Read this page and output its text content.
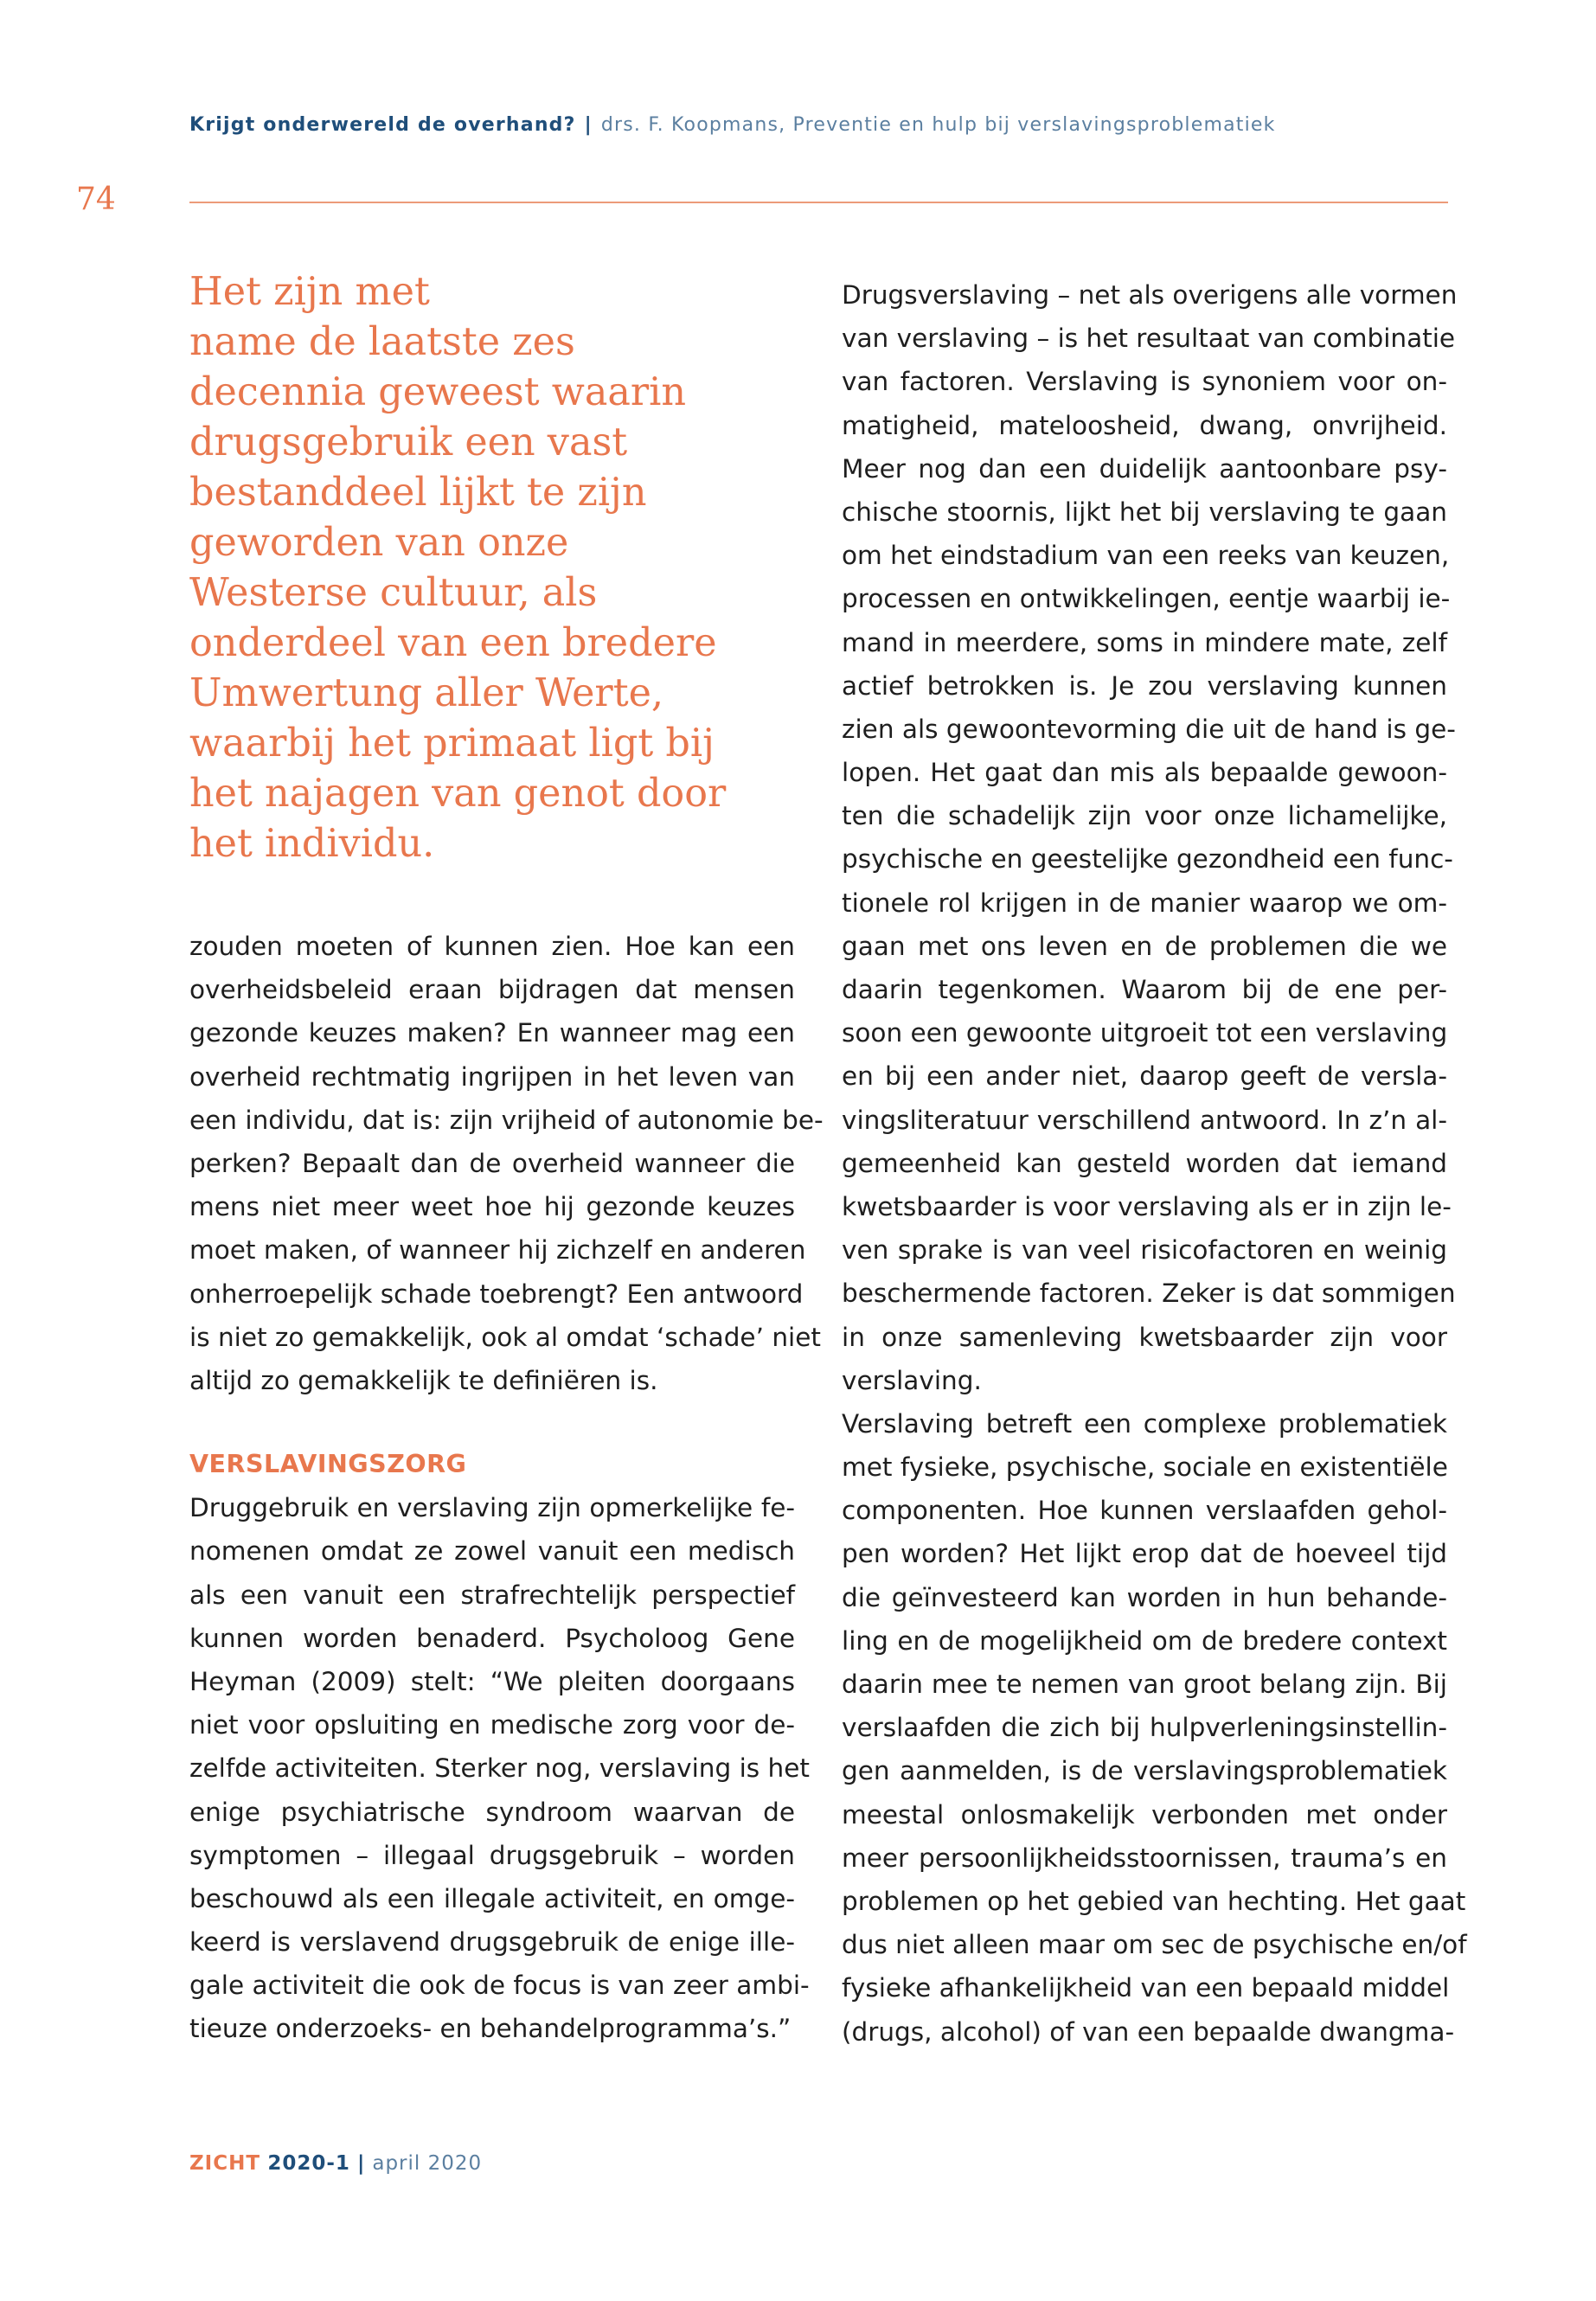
Krijgt onderwereld de overhand? | drs. F. Koopmans, Preventie en hulp bij verslavingsproblematiek
74
Het zijn met
name de laatste zes
decennia geweest waarin
drugsgebruik een vast
bestanddeel lijkt te zijn
geworden van onze
Westerse cultuur, als
onderdeel van een bredere
Umwertung aller Werte,
waarbij het primaat ligt bij
het najagen van genot door
het individu.
zouden moeten of kunnen zien. Hoe kan een
overheidsbeleid eraan bijdragen dat mensen
gezonde keuzes maken? En wanneer mag een
overheid rechtmatig ingrijpen in het leven van
een individu, dat is: zijn vrijheid of autonomie be-
perken? Bepaalt dan de overheid wanneer die
mens niet meer weet hoe hij gezonde keuzes
moet maken, of wanneer hij zichzelf en anderen
onherroepelijk schade toebrengt? Een antwoord
is niet zo gemakkelijk, ook al omdat ‘schade’ niet
altijd zo gemakkelijk te definiëren is.
VERSLAVINGSZORG
Druggebruik en verslaving zijn opmerkelijke fe-
nomenen omdat ze zowel vanuit een medisch
als een vanuit een strafrechtelijk perspectief
kunnen worden benaderd. Psycholoog Gene
Heyman (2009) stelt: “We pleiten doorgaans
niet voor opsluiting en medische zorg voor de-
zelfde activiteiten. Sterker nog, verslaving is het
enige psychiatrische syndroom waarvan de
symptomen – illegaal drugsgebruik – worden
beschouwd als een illegale activiteit, en omge-
keerd is verslavend drugsgebruik de enige ille-
gale activiteit die ook de focus is van zeer ambi-
tieuze onderzoeks- en behandelprogramma’s.”
Drugsverslaving – net als overigens alle vormen
van verslaving – is het resultaat van combinatie
van factoren. Verslaving is synoniem voor on-
matigheid, mateloosheid, dwang, onvrijheid.
Meer nog dan een duidelijk aantoonbare psy-
chische stoornis, lijkt het bij verslaving te gaan
om het eindstadium van een reeks van keuzen,
processen en ontwikkelingen, eentje waarbij ie-
mand in meerdere, soms in mindere mate, zelf
actief betrokken is. Je zou verslaving kunnen
zien als gewoontevorming die uit de hand is ge-
lopen. Het gaat dan mis als bepaalde gewoon-
ten die schadelijk zijn voor onze lichamelijke,
psychische en geestelijke gezondheid een func-
tionele rol krijgen in de manier waarop we om-
gaan met ons leven en de problemen die we
daarin tegenkomen. Waarom bij de ene per-
soon een gewoonte uitgroeit tot een verslaving
en bij een ander niet, daarop geeft de versla-
vingsliteratuur verschillend antwoord. In z’n al-
gemeenheid kan gesteld worden dat iemand
kwetsbaarder is voor verslaving als er in zijn le-
ven sprake is van veel risicofactoren en weinig
beschermende factoren. Zeker is dat sommigen
in onze samenleving kwetsbaarder zijn voor
verslaving.
Verslaving betreft een complexe problematiek
met fysieke, psychische, sociale en existentiële
componenten. Hoe kunnen verslaafden gehol-
pen worden? Het lijkt erop dat de hoeveel tijd
die geïnvesteerd kan worden in hun behande-
ling en de mogelijkheid om de bredere context
daarin mee te nemen van groot belang zijn. Bij
verslaafden die zich bij hulpverleningsinstellin-
gen aanmelden, is de verslavingsproblematiek
meestal onlosmakelijk verbonden met onder
meer persoonlijkheidsstoornissen, trauma’s en
problemen op het gebied van hechting. Het gaat
dus niet alleen maar om sec de psychische en/of
fysieke afhankelijkheid van een bepaald middel
(drugs, alcohol) of van een bepaalde dwangma-
ZICHT 2020-1 | april 2020
